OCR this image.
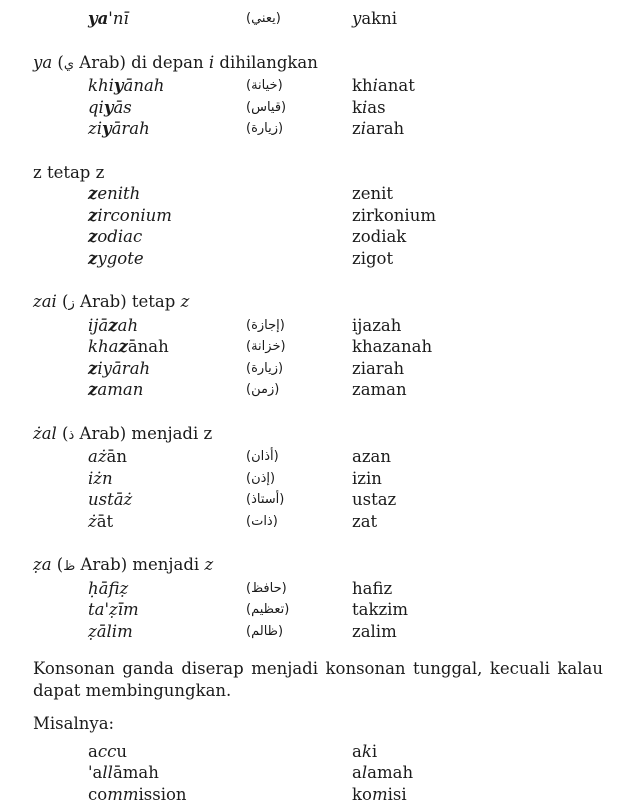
ya'nī	(يعني)	yakni
ya (ي Arab) di depan i dihilangkan
khiyānah	(خيانة)	khianat
qiyās	(قياس)	kias
ziyārah	(زيارة)	ziarah
z tetap z
zenith	zenit
zirconium	zirkonium
zodiac	zodiak
zygote	zigot
zai (ز Arab) tetap z
ijāzah	(إجازة)	ijazah
khazānah	(خزانة)	khazanah
ziyārah	(زيارة)	ziarah
zaman	(زمن)	zaman
żal (ذ Arab) menjadi z
ażān	(أذان)	azan
iżn	(إذن)	izin
ustāż	(أستاذ)	ustaz
żāt	(ذات)	zat
ẓa (ظ Arab) menjadi z
ḥāfiẓ	(حافظ)	hafiz
ta'ẓīm	(تعظيم)	takzim
ẓālim	(ظالم)	zalim
Konsonan ganda diserap menjadi konsonan tunggal, kecuali kalau dapat membingungkan.
Misalnya:
accu	aki
'allāmah	alamah
commission	komisi
